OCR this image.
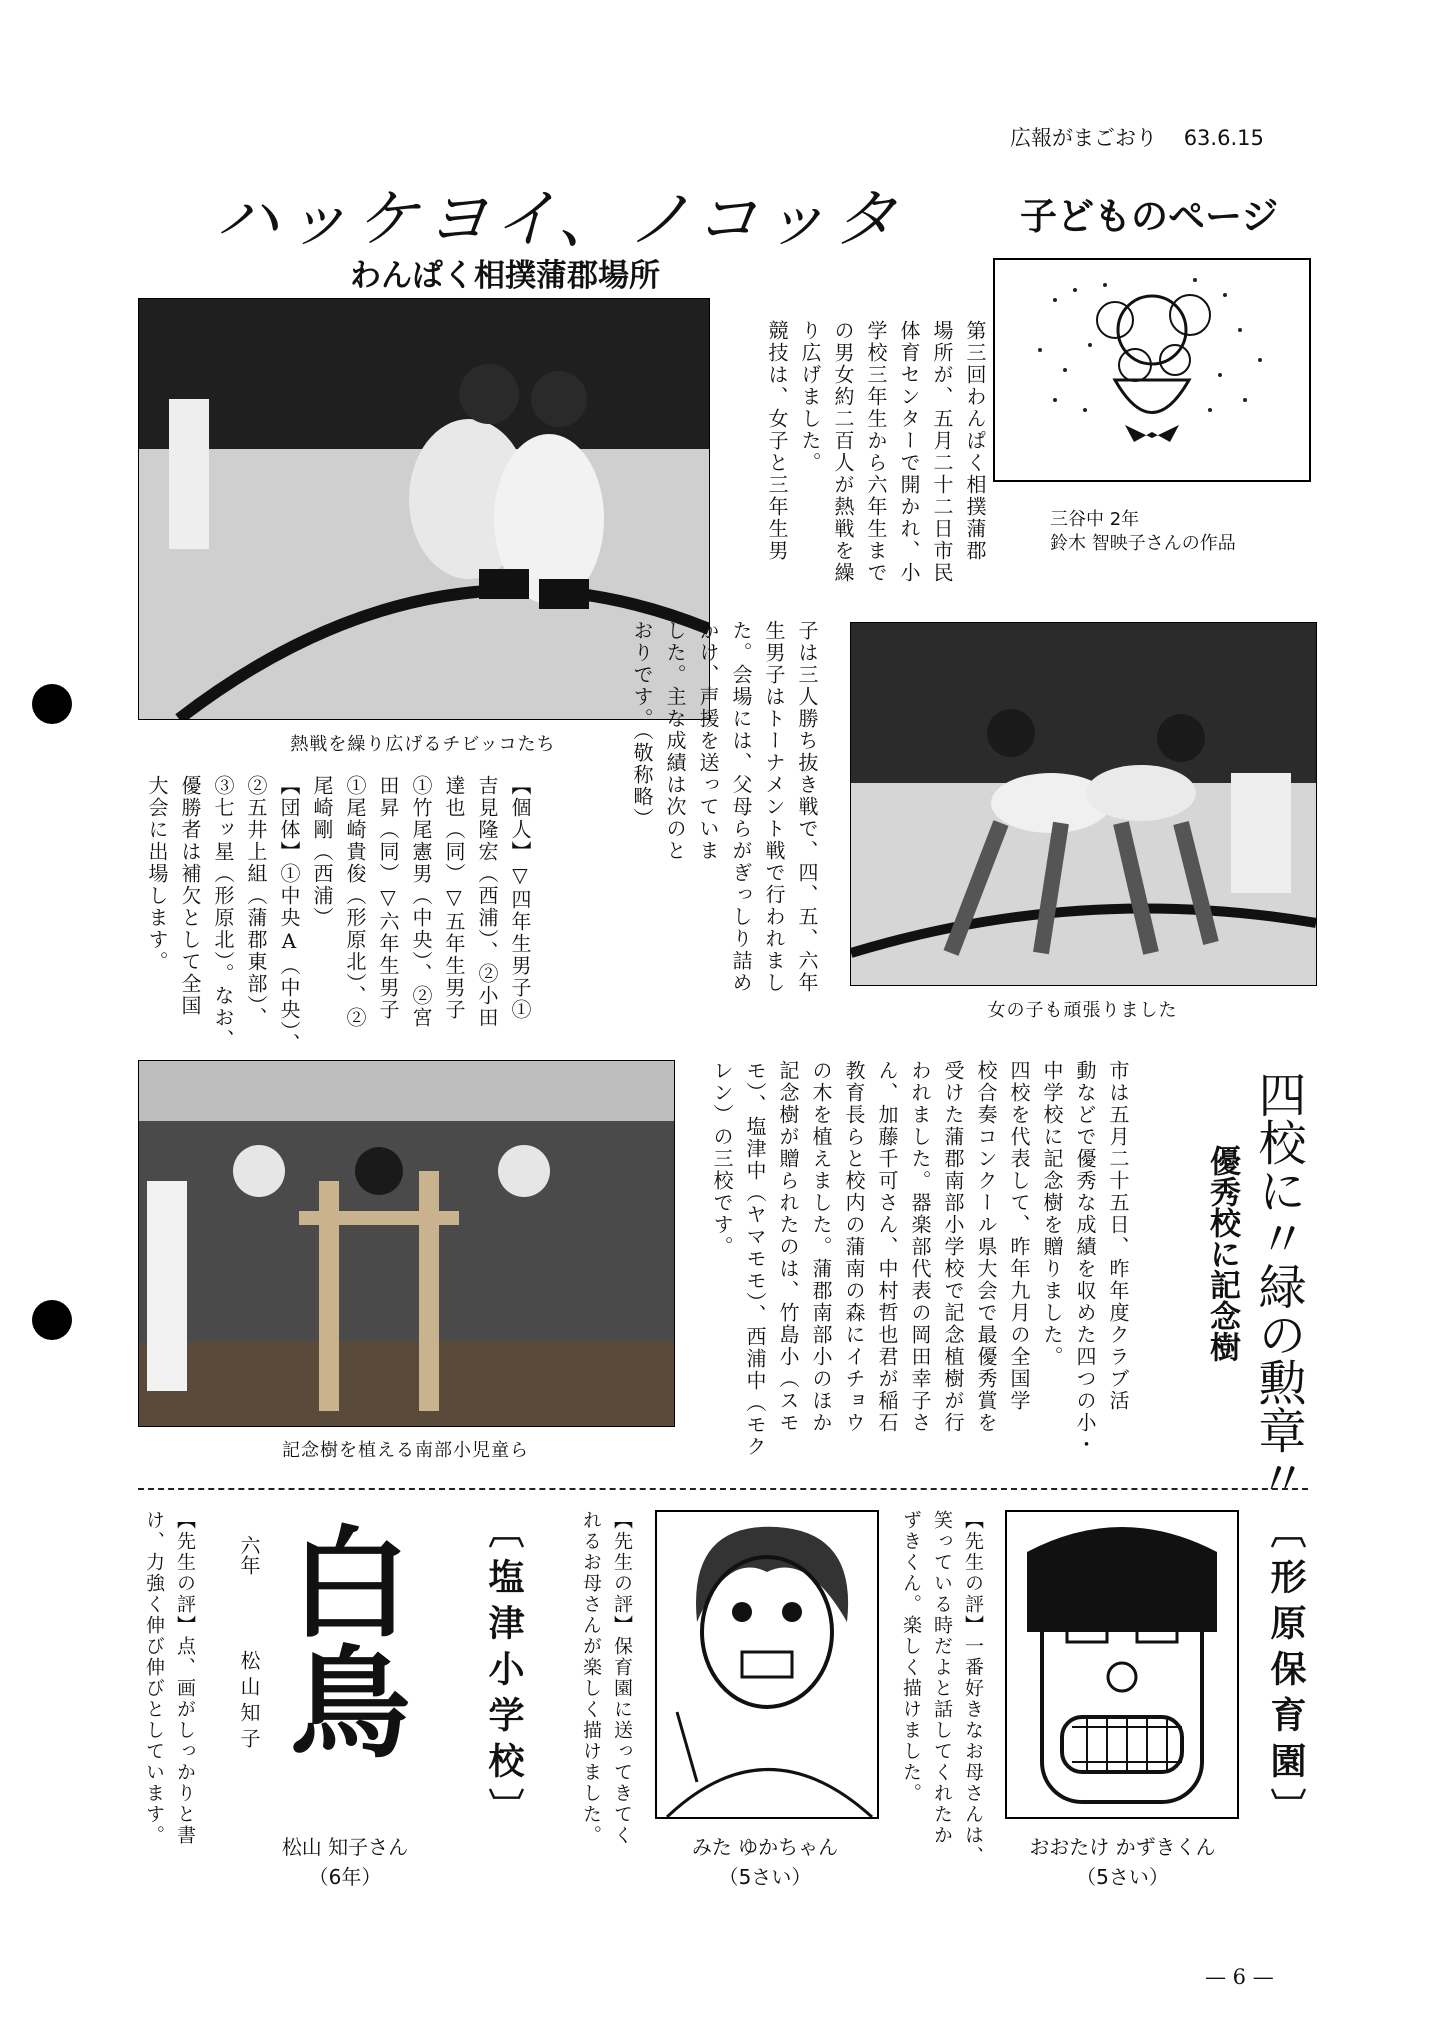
広報がまごおり 63.6.15
ハッケヨイ、ノコッタ
わんぱく相撲蒲郡場所
子どものページ
三谷中 2年
鈴木 智映子さんの作品
熱戦を繰り広げるチビッコたち
第三回わんぱく相撲蒲郡
場所が、五月二十二日市民
体育センターで開かれ、小
学校三年生から六年生まで
の男女約二百人が熱戦を繰
り広げました。
競技は、女子と三年生男
女の子も頑張りました
子は三人勝ち抜き戦で、四、五、六年
生男子はトーナメント戦で行われまし
た。会場には、父母らがぎっしり詰め
かけ、声援を送っていま
した。主な成績は次のと
おりです。（敬称略）
【個人】▽四年生男子①
吉見隆宏（西浦）、②小田
達也（同）▽五年生男子
①竹尾憲男（中央）、②宮
田昇（同）▽六年生男子
①尾崎貴俊（形原北）、②
尾崎剛（西浦）
【団体】①中央A（中央）、
②五井上組（蒲郡東部）、
③七ッ星（形原北）。なお、
優勝者は補欠として全国
大会に出場します。
記念樹を植える南部小児童ら	四校に〃緑の勲章〃
優秀校に記念樹
市は五月二十五日、昨年度クラブ活
動などで優秀な成績を収めた四つの小・
中学校に記念樹を贈りました。
四校を代表して、昨年九月の全国学
校合奏コンクール県大会で最優秀賞を
受けた蒲郡南部小学校で記念植樹が行
われました。器楽部代表の岡田幸子さ
ん、加藤千可さん、中村哲也君が稲石
教育長らと校内の蒲南の森にイチョウ
の木を植えました。蒲郡南部小のほか
記念樹が贈られたのは、竹島小（スモ
モ）、塩津中（ヤマモモ）、西浦中（モク
レン）の三校です。
〔形原保育園〕
【先生の評】一番好きなお母さんは、
笑っている時だよと話してくれたか
ずきくん。楽しく描けました。
おおたけ かずきくん
（5さい）
【先生の評】保育園に送ってきてく
れるお母さんが楽しく描けました。
みた ゆかちゃん
（5さい）
〔塩津小学校〕
白鳥
六年
松山知子
松山 知子さん
（6年）
【先生の評】点、画がしっかりと書
け、力強く伸び伸びとしています。
— 6 —
